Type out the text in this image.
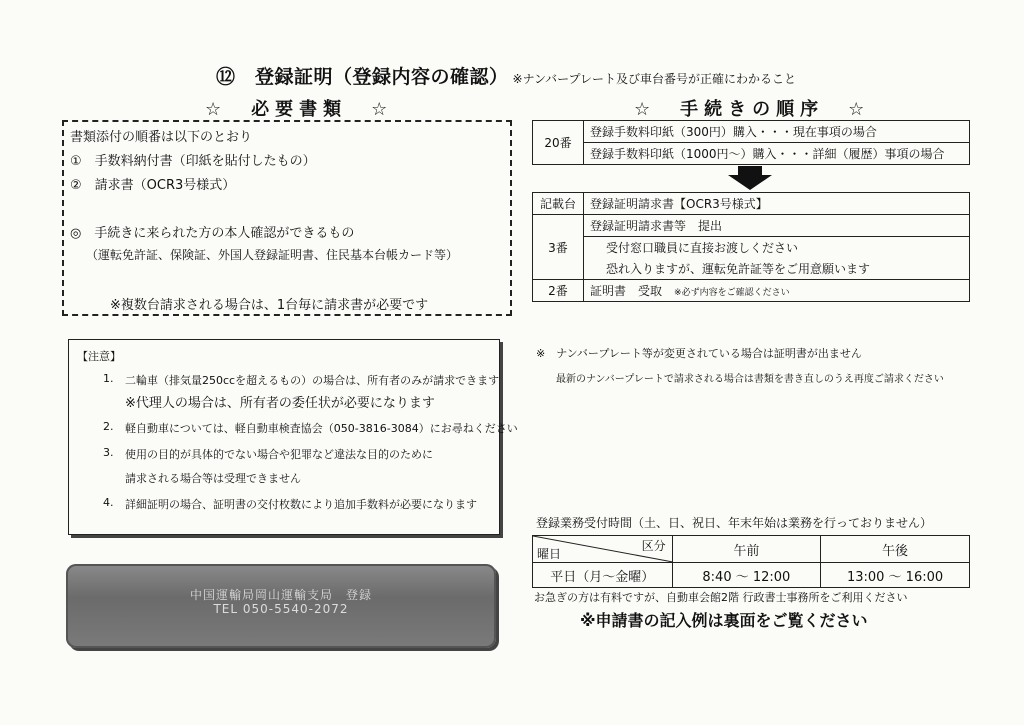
⑫　登録証明（登録内容の確認） ※ナンバープレート及び車台番号が正確にわかること
☆　必要書類　☆
書類添付の順番は以下のとおり
①　手数料納付書（印紙を貼付したもの）
②　請求書（OCR3号様式）
◎　手続きに来られた方の本人確認ができるもの
（運転免許証、保険証、外国人登録証明書、住民基本台帳カード等）
※複数台請求される場合は、1台毎に請求書が必要です
【注意】
1. 二輪車（排気量250ccを超えるもの）の場合は、所有者のみが請求できます
※代理人の場合は、所有者の委任状が必要になります
2. 軽自動車については、軽自動車検査協会（050-3816-3084）にお尋ねください
3. 使用の目的が具体的でない場合や犯罪など違法な目的のために
請求される場合等は受理できません
4. 詳細証明の場合、証明書の交付枚数により追加手数料が必要になります
中国運輸局岡山運輸支局　登録
TEL 050-5540-2072
☆　手続きの順序　☆
20番	登録手数料印紙（300円）購入・・・現在事項の場合
登録手数料印紙（1000円～）購入・・・詳細（履歴）事項の場合
記載台	登録証明請求書【OCR3号様式】
3番	登録証明請求書等　提出
	受付窓口職員に直接お渡しください
	恐れ入りますが、運転免許証等をご用意願います
2番	証明書　受取　 ※必ず内容をご確認ください
※　ナンバープレート等が変更されている場合は証明書が出ません
最新のナンバープレートで請求される場合は書類を書き直しのうえ再度ご請求ください
登録業務受付時間（土、日、祝日、年末年始は業務を行っておりません）
区分
曜日	午前	午後
平日（月～金曜）	8:40 ～ 12:00	13:00 ～ 16:00
お急ぎの方は有料ですが、自動車会館2階 行政書士事務所をご利用ください
※申請書の記入例は裏面をご覧ください
